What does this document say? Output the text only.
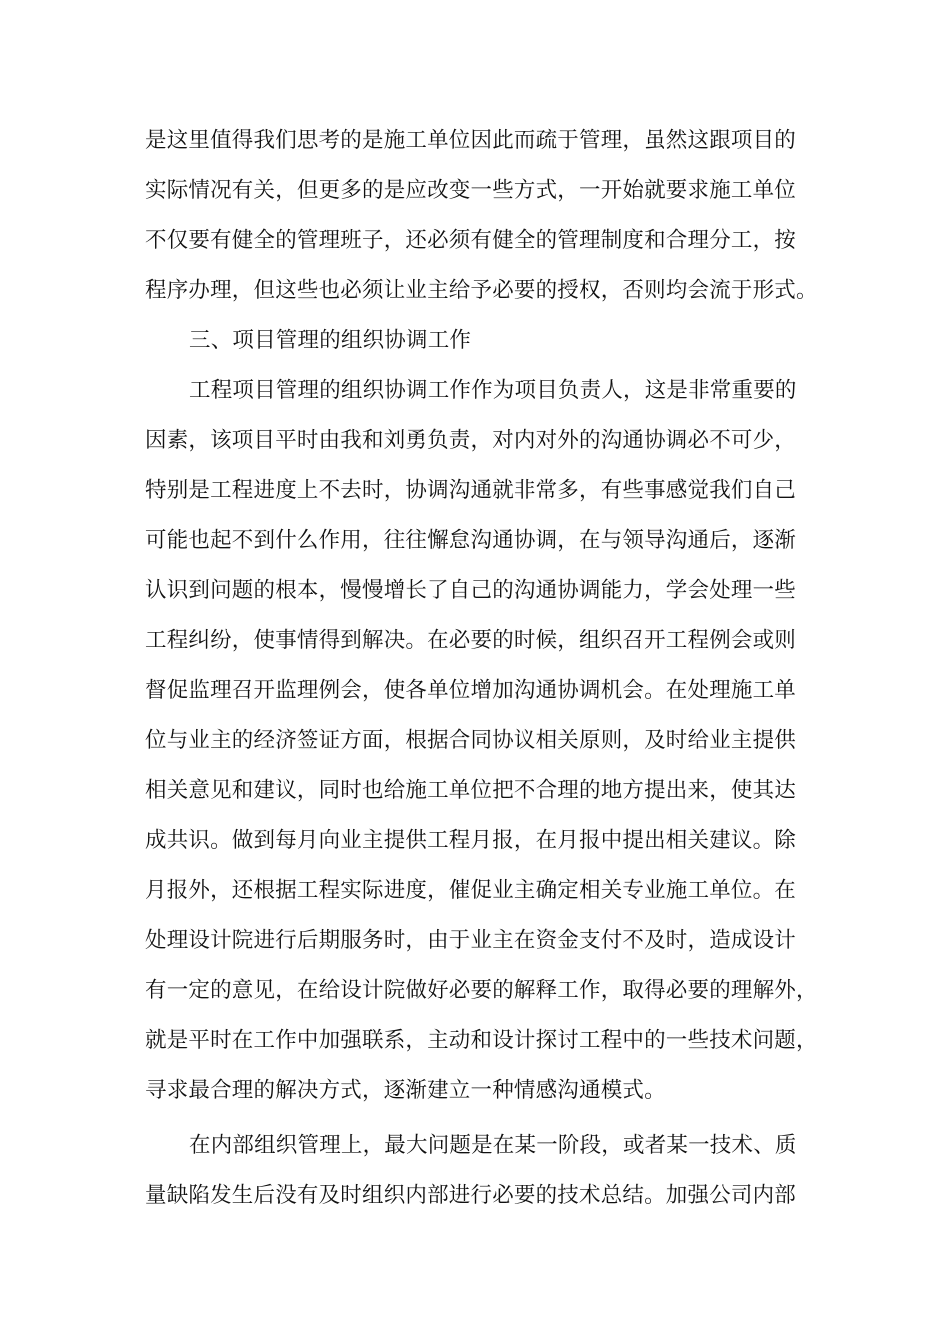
是这里值得我们思考的是施工单位因此而疏于管理，虽然这跟项目的
实际情况有关，但更多的是应改变一些方式，一开始就要求施工单位
不仅要有健全的管理班子，还必须有健全的管理制度和合理分工，按
程序办理，但这些也必须让业主给予必要的授权，否则均会流于形式。
三、项目管理的组织协调工作
工程项目管理的组织协调工作作为项目负责人，这是非常重要的
因素，该项目平时由我和刘勇负责，对内对外的沟通协调必不可少，
特别是工程进度上不去时，协调沟通就非常多，有些事感觉我们自己
可能也起不到什么作用，往往懈怠沟通协调，在与领导沟通后，逐渐
认识到问题的根本，慢慢增长了自己的沟通协调能力，学会处理一些
工程纠纷，使事情得到解决。在必要的时候，组织召开工程例会或则
督促监理召开监理例会，使各单位增加沟通协调机会。在处理施工单
位与业主的经济签证方面，根据合同协议相关原则，及时给业主提供
相关意见和建议，同时也给施工单位把不合理的地方提出来，使其达
成共识。做到每月向业主提供工程月报，在月报中提出相关建议。除
月报外，还根据工程实际进度，催促业主确定相关专业施工单位。在
处理设计院进行后期服务时，由于业主在资金支付不及时，造成设计
有一定的意见，在给设计院做好必要的解释工作，取得必要的理解外，
就是平时在工作中加强联系，主动和设计探讨工程中的一些技术问题，
寻求最合理的解决方式，逐渐建立一种情感沟通模式。
在内部组织管理上，最大问题是在某一阶段，或者某一技术、质
量缺陷发生后没有及时组织内部进行必要的技术总结。加强公司内部
